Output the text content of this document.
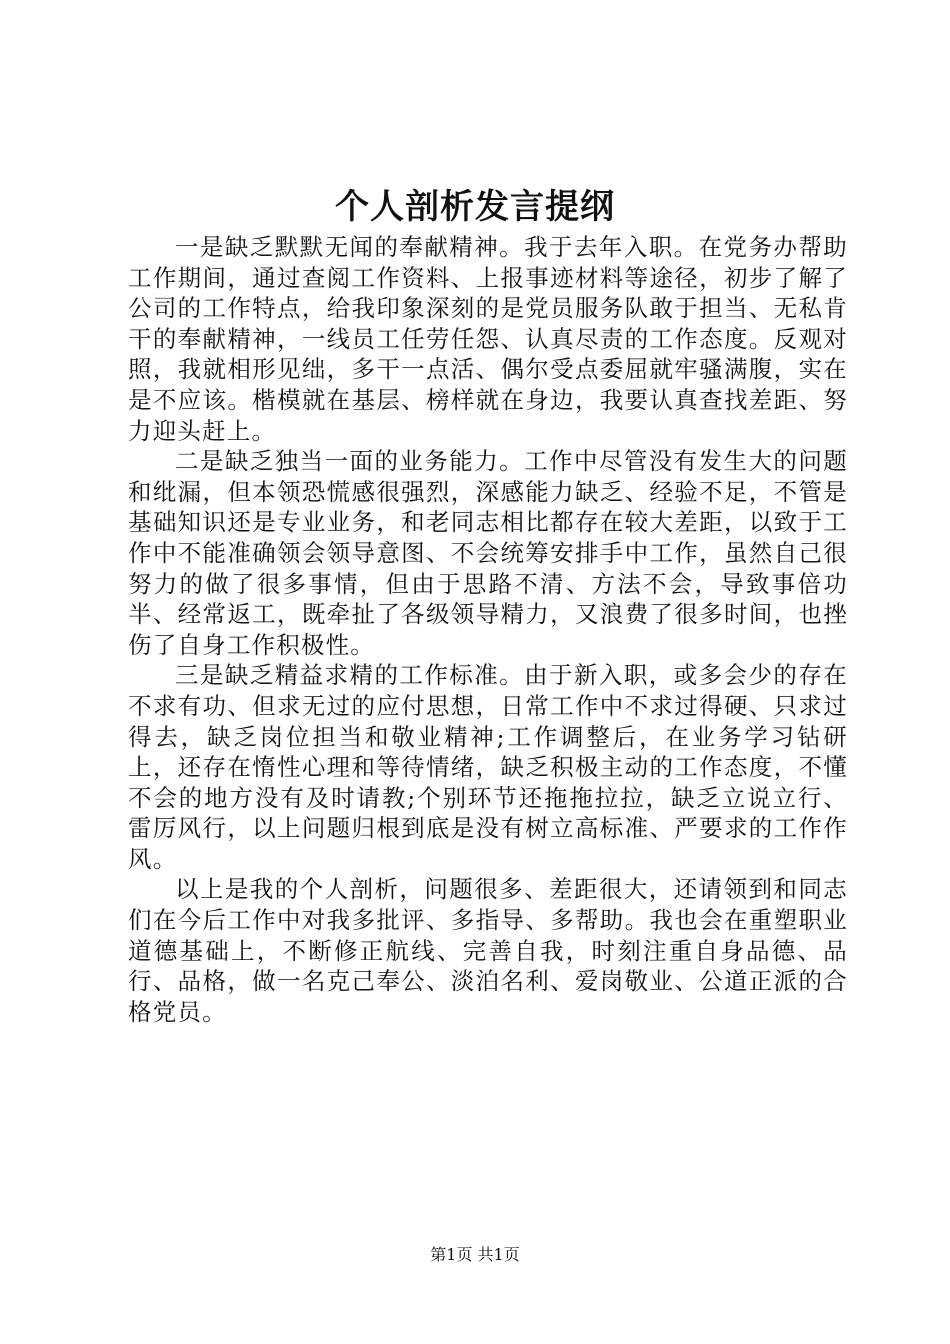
个人剖析发言提纲

一是缺乏默默无闻的奉献精神。我于去年入职。在党务办帮助工作期间，通过查阅工作资料、上报事迹材料等途径，初步了解了公司的工作特点，给我印象深刻的是党员服务队敢于担当、无私肯干的奉献精神，一线员工任劳任怨、认真尽责的工作态度。反观对照，我就相形见绌，多干一点活、偶尔受点委屈就牢骚满腹，实在是不应该。楷模就在基层、榜样就在身边，我要认真查找差距、努力迎头赶上。

二是缺乏独当一面的业务能力。工作中尽管没有发生大的问题和纰漏，但本领恐慌感很强烈，深感能力缺乏、经验不足，不管是基础知识还是专业业务，和老同志相比都存在较大差距，以致于工作中不能准确领会领导意图、不会统筹安排手中工作，虽然自己很努力的做了很多事情，但由于思路不清、方法不会，导致事倍功半、经常返工，既牵扯了各级领导精力，又浪费了很多时间，也挫伤了自身工作积极性。

三是缺乏精益求精的工作标准。由于新入职，或多会少的存在不求有功、但求无过的应付思想，日常工作中不求过得硬、只求过得去，缺乏岗位担当和敬业精神;工作调整后，在业务学习钻研上，还存在惰性心理和等待情绪，缺乏积极主动的工作态度，不懂不会的地方没有及时请教;个别环节还拖拖拉拉，缺乏立说立行、雷厉风行，以上问题归根到底是没有树立高标准、严要求的工作作风。

以上是我的个人剖析，问题很多、差距很大，还请领到和同志们在今后工作中对我多批评、多指导、多帮助。我也会在重塑职业道德基础上，不断修正航线、完善自我，时刻注重自身品德、品行、品格，做一名克己奉公、淡泊名利、爱岗敬业、公道正派的合格党员。

第1页 共1页
